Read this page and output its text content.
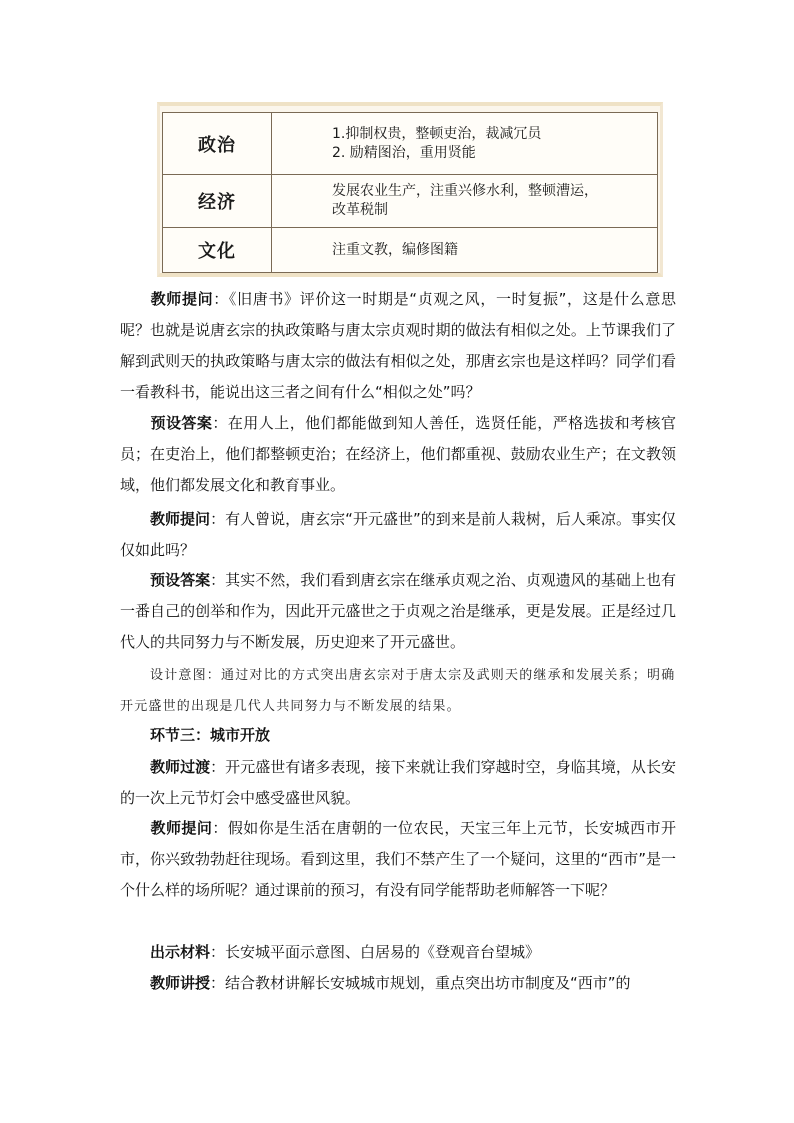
政治	1.抑制权贵，整顿吏治，裁减冗员
2. 励精图治，重用贤能

经济	发展农业生产，注重兴修水利，整顿漕运，
改革税制

文化	注重文教，编修图籍

教师提问：《旧唐书》评价这一时期是“贞观之风，一时复振”，这是什么意思呢？也就是说唐玄宗的执政策略与唐太宗贞观时期的做法有相似之处。上节课我们了解到武则天的执政策略与唐太宗的做法有相似之处，那唐玄宗也是这样吗？同学们看一看教科书，能说出这三者之间有什么“相似之处”吗？

预设答案：在用人上，他们都能做到知人善任，选贤任能，严格选拔和考核官员；在吏治上，他们都整顿吏治；在经济上，他们都重视、鼓励农业生产；在文教领域，他们都发展文化和教育事业。

教师提问：有人曾说，唐玄宗“开元盛世”的到来是前人栽树，后人乘凉。事实仅仅如此吗？

预设答案：其实不然，我们看到唐玄宗在继承贞观之治、贞观遗风的基础上也有一番自己的创举和作为，因此开元盛世之于贞观之治是继承，更是发展。正是经过几代人的共同努力与不断发展，历史迎来了开元盛世。

设计意图：通过对比的方式突出唐玄宗对于唐太宗及武则天的继承和发展关系；明确开元盛世的出现是几代人共同努力与不断发展的结果。

环节三：城市开放

教师过渡：开元盛世有诸多表现，接下来就让我们穿越时空，身临其境，从长安的一次上元节灯会中感受盛世风貌。

教师提问：假如你是生活在唐朝的一位农民，天宝三年上元节，长安城西市开市，你兴致勃勃赶往现场。看到这里，我们不禁产生了一个疑问，这里的“西市”是一个什么样的场所呢？通过课前的预习，有没有同学能帮助老师解答一下呢？

出示材料：长安城平面示意图、白居易的《登观音台望城》

教师讲授：结合教材讲解长安城城市规划，重点突出坊市制度及“西市”的
